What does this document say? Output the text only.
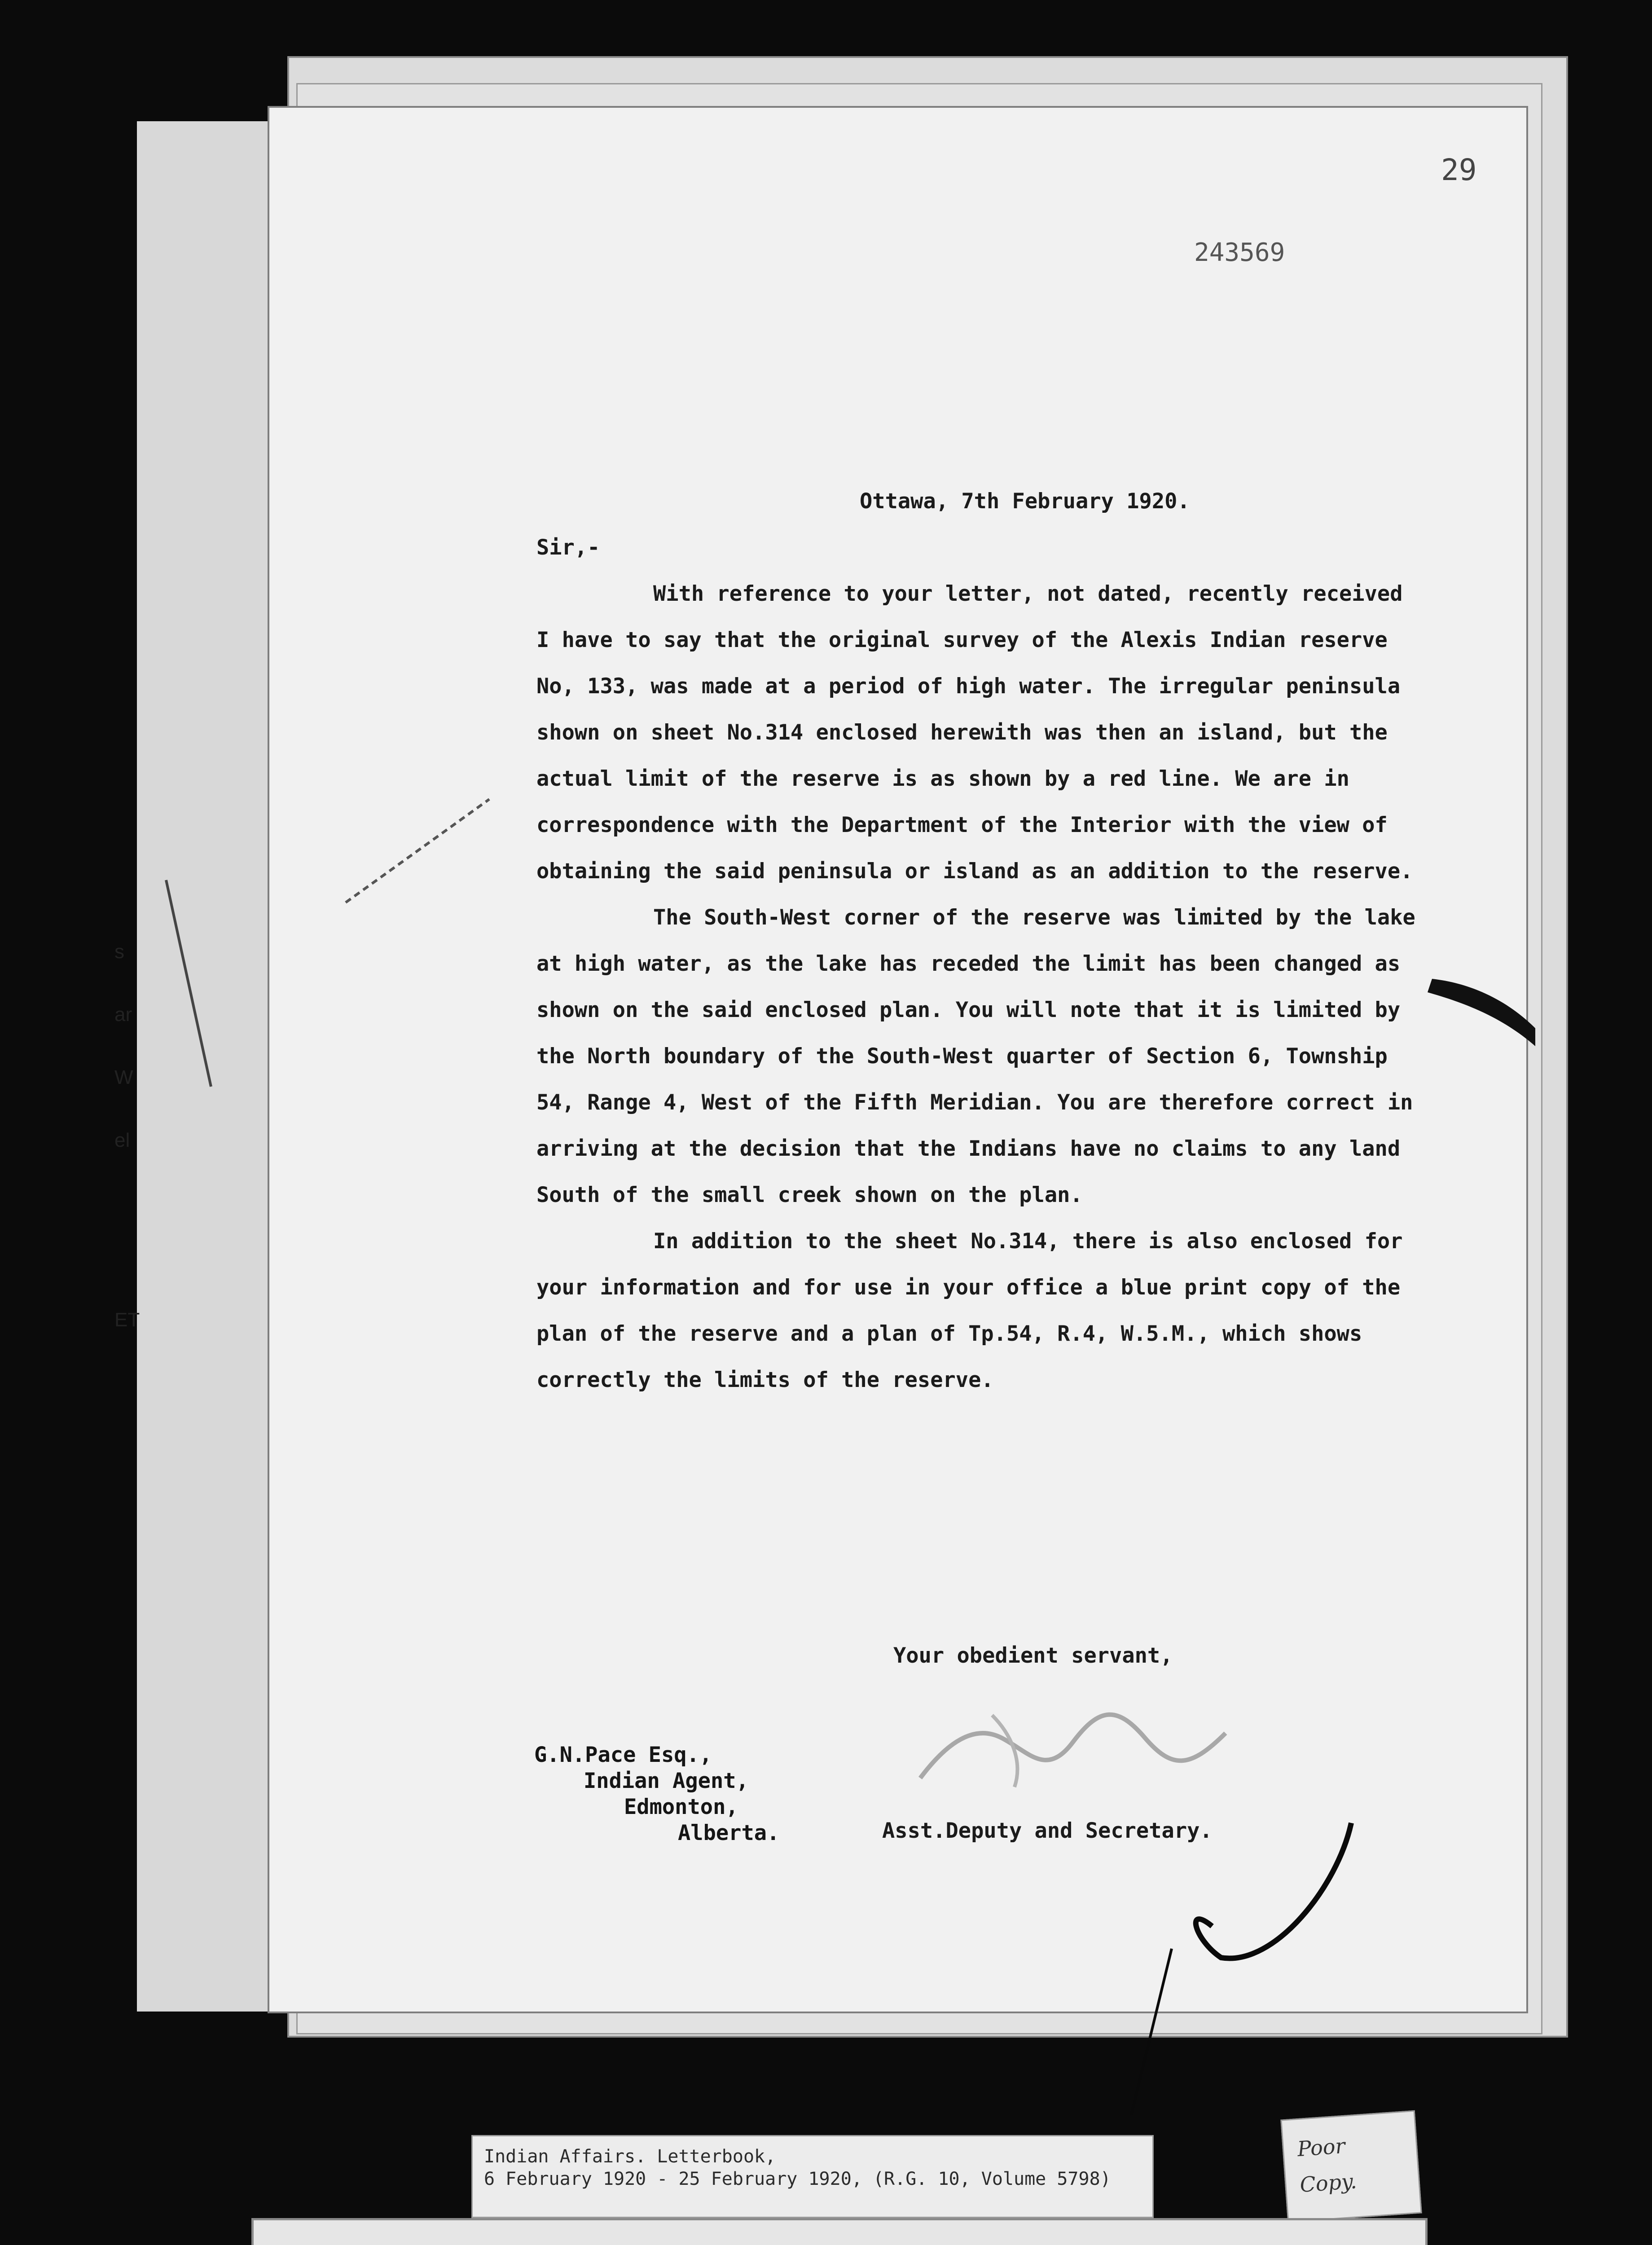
s
ar
W
el
ET
29
243569
Ottawa, 7th February 1920.
Sir,-

With reference to your letter, not dated, recently received I have to say that the original survey of the Alexis Indian reserve No, 133, was made at a period of high water. The irregular peninsula shown on sheet No.314 enclosed herewith was then an island, but the actual limit of the reserve is as shown by a red line. We are in correspondence with the Department of the Interior with the view of obtaining the said peninsula or island as an addition to the reserve.

The South-West corner of the reserve was limited by the lake at high water, as the lake has receded the limit has been changed as shown on the said enclosed plan. You will note that it is limited by the North boundary of the South-West quarter of Section 6, Township 54, Range 4, West of the Fifth Meridian. You are therefore correct in arriving at the decision that the Indians have no claims to any land South of the small creek shown on the plan.

In addition to the sheet No.314, there is also enclosed for your information and for use in your office a blue print copy of the plan of the reserve and a plan of Tp.54, R.4, W.5.M., which shows correctly the limits of the reserve.

Your obedient servant,
G.N.Pace Esq.,
Indian Agent,
Edmonton,
Alberta.	Asst.Deputy and Secretary.
Indian Affairs. Letterbook,
6 February 1920 - 25 February 1920, (R.G. 10, Volume 5798)
Poor
Copy.
